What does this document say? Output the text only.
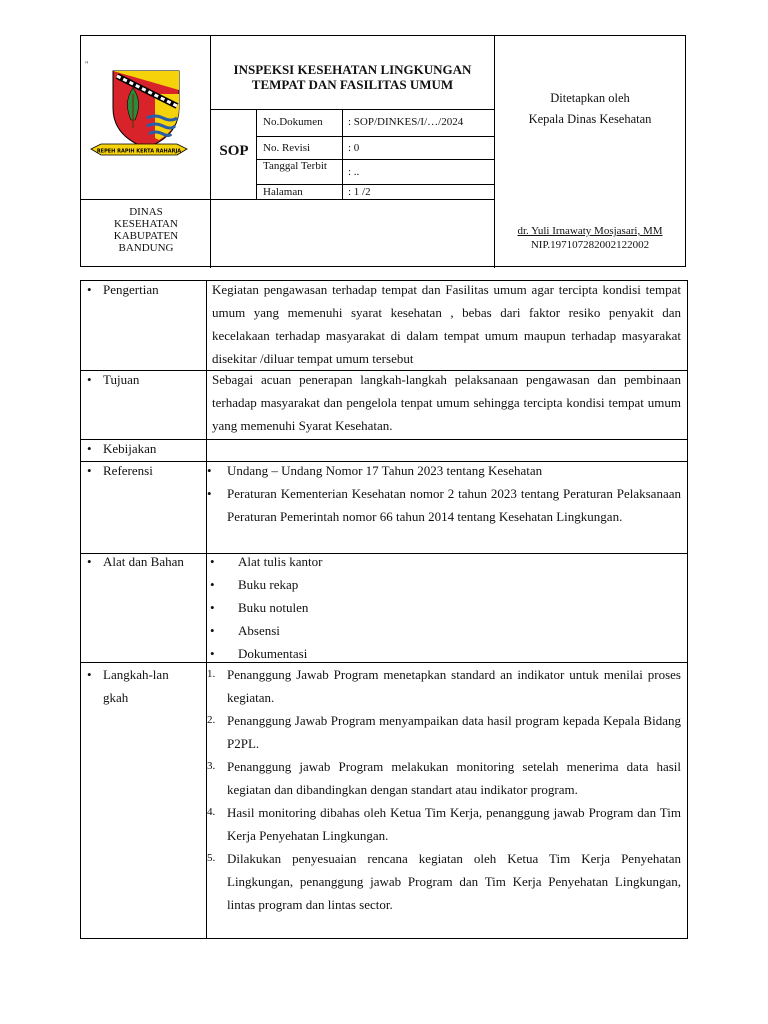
"
REPEH RAPIH KERTA RAHARJA
INSPEKSI KESEHATAN LINGKUNGAN TEMPAT DAN FASILITAS UMUM
SOP
No.Dokumen : SOP/DINKES/I/…/2024
No. Revisi	: 0
Tanggal Terbit	: ..
Halaman	: 1 /2
Ditetapkan oleh
Kepala Dinas Kesehatan
DINAS KESEHATAN KABUPATEN BANDUNG
dr. Yuli Irnawaty Mosjasari, MM
NIP.197107282002122002
• Pengertian	Kegiatan pengawasan terhadap tempat dan Fasilitas umum agar tercipta kondisi tempat umum yang memenuhi syarat kesehatan , bebas dari faktor resiko penyakit dan kecelakaan terhadap masyarakat di dalam tempat umum maupun terhadap masyarakat disekitar /diluar tempat umum tersebut
• Tujuan	Sebagai acuan penerapan langkah-langkah pelaksanaan pengawasan dan pembinaan terhadap masyarakat dan pengelola tenpat umum sehingga tercipta kondisi tempat umum yang memenuhi Syarat Kesehatan.
• Kebijakan
• Referensi	• Undang – Undang Nomor 17 Tahun 2023 tentang Kesehatan
• Peraturan Kementerian Kesehatan nomor 2 tahun 2023 tentang Peraturan Pelaksanaan Peraturan Pemerintah nomor 66 tahun 2014 tentang Kesehatan Lingkungan.
• Alat dan Bahan • Alat tulis kantor
• Buku rekap
• Buku notulen
• Absensi
• Dokumentasi
• Langkah-langkah
1. Penanggung Jawab Program menetapkan standard an indikator untuk menilai proses kegiatan.
2. Penanggung Jawab Program menyampaikan data hasil program kepada Kepala Bidang P2PL.
3. Penanggung jawab Program melakukan monitoring setelah menerima data hasil kegiatan dan dibandingkan dengan standart atau indikator program.
4. Hasil monitoring dibahas oleh Ketua Tim Kerja, penanggung jawab Program dan Tim Kerja Penyehatan Lingkungan.
5. Dilakukan penyesuaian rencana kegiatan oleh Ketua Tim Kerja Penyehatan Lingkungan, penanggung jawab Program dan Tim Kerja Penyehatan Lingkungan, lintas program dan lintas sector.
